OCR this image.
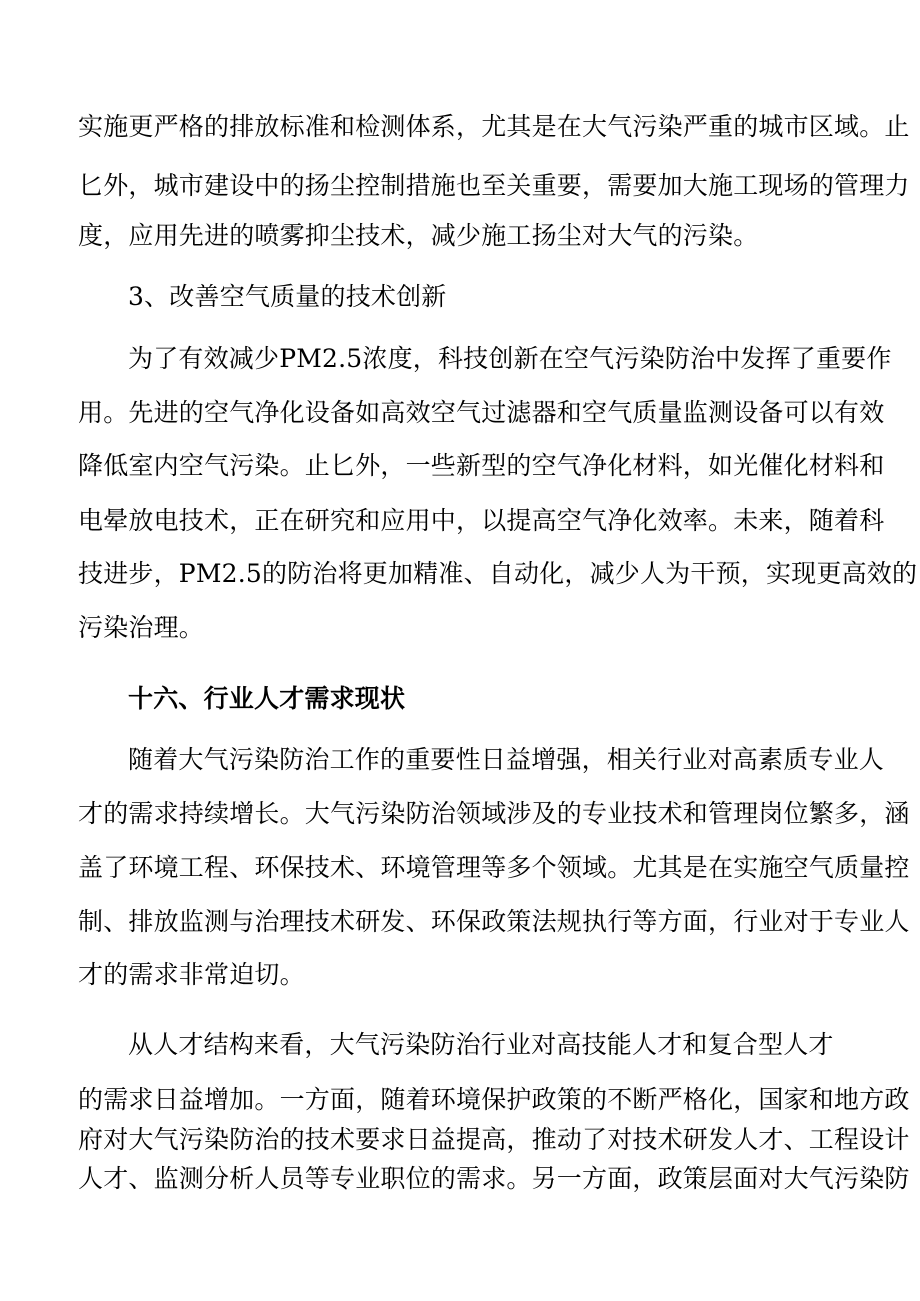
实施更严格的排放标准和检测体系，尤其是在大气污染严重的城市区域。止
匕外，城市建设中的扬尘控制措施也至关重要，需要加大施工现场的管理力
度，应用先进的喷雾抑尘技术，减少施工扬尘对大气的污染。
3、改善空气质量的技术创新
为了有效减少PM2.5浓度，科技创新在空气污染防治中发挥了重要作
用。先进的空气净化设备如高效空气过滤器和空气质量监测设备可以有效
降低室内空气污染。止匕外，一些新型的空气净化材料，如光催化材料和
电晕放电技术，正在研究和应用中，以提高空气净化效率。未来，随着科
技进步，PM2.5的防治将更加精准、自动化，减少人为干预，实现更高效的
污染治理。
十六、行业人才需求现状
随着大气污染防治工作的重要性日益增强，相关行业对高素质专业人
才的需求持续增长。大气污染防治领域涉及的专业技术和管理岗位繁多，涵
盖了环境工程、环保技术、环境管理等多个领域。尤其是在实施空气质量控
制、排放监测与治理技术研发、环保政策法规执行等方面，行业对于专业人
才的需求非常迫切。
从人才结构来看，大气污染防治行业对高技能人才和复合型人才
的需求日益增加。一方面，随着环境保护政策的不断严格化，国家和地方政
府对大气污染防治的技术要求日益提高，推动了对技术研发人才、工程设计
人才、监测分析人员等专业职位的需求。另一方面，政策层面对大气污染防
